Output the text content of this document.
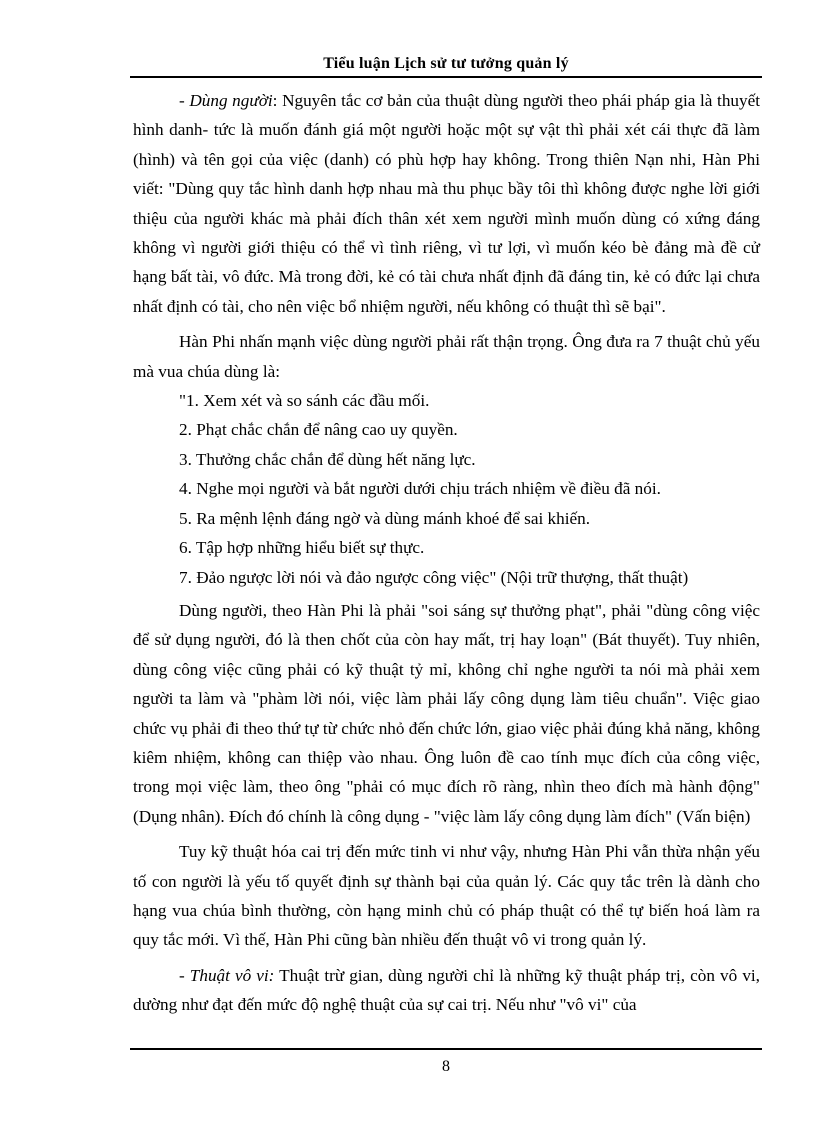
Tiểu luận Lịch sử tư tưởng quản lý

- Dùng người: Nguyên tắc cơ bản của thuật dùng người theo phái pháp gia là thuyết hình danh- tức là muốn đánh giá một người hoặc một sự vật thì phải xét cái thực đã làm (hình) và tên gọi của việc (danh) có phù hợp hay không. Trong thiên Nạn nhi, Hàn Phi viết: "Dùng quy tắc hình danh hợp nhau mà thu phục bầy tôi thì không được nghe lời giới thiệu của người khác mà phải đích thân xét xem người mình muốn dùng có xứng đáng không vì người giới thiệu có thể vì tình riêng, vì tư lợi, vì muốn kéo bè đảng mà đề cử hạng bất tài, vô đức. Mà trong đời, kẻ có tài chưa nhất định đã đáng tin, kẻ có đức lại chưa nhất định có tài, cho nên việc bổ nhiệm người, nếu không có thuật thì sẽ bại".

Hàn Phi nhấn mạnh việc dùng người phải rất thận trọng. Ông đưa ra 7 thuật chủ yếu mà vua chúa dùng là:

"1. Xem xét và so sánh các đầu mối.

2. Phạt chắc chắn để nâng cao uy quyền.

3. Thưởng chắc chắn để dùng hết năng lực.

4. Nghe mọi người và bắt người dưới chịu trách nhiệm về điều đã nói.

5. Ra mệnh lệnh đáng ngờ và dùng mánh khoé để sai khiến.

6. Tập hợp những hiểu biết sự thực.

7. Đảo ngược lời nói và đảo ngược công việc" (Nội trữ thượng, thất thuật)

Dùng người, theo Hàn Phi là phải "soi sáng sự thưởng phạt", phải "dùng công việc để sử dụng người, đó là then chốt của còn hay mất, trị hay loạn" (Bát thuyết). Tuy nhiên, dùng công việc cũng phải có kỹ thuật tỷ mỉ, không chỉ nghe người ta nói mà phải xem người ta làm và "phàm lời nói, việc làm phải lấy công dụng làm tiêu chuẩn". Việc giao chức vụ phải đi theo thứ tự từ chức nhỏ đến chức lớn, giao việc phải đúng khả năng, không kiêm nhiệm, không can thiệp vào nhau. Ông luôn đề cao tính mục đích của công việc, trong mọi việc làm, theo ông "phải có mục đích rõ ràng, nhìn theo đích mà hành động" (Dụng nhân). Đích đó chính là công dụng - "việc làm lấy công dụng làm đích" (Vấn biện)

Tuy kỹ thuật hóa cai trị đến mức tinh vi như vậy, nhưng Hàn Phi vẫn thừa nhận yếu tố con người là yếu tố quyết định sự thành bại của quản lý. Các quy tắc trên là dành cho hạng vua chúa bình thường, còn hạng minh chủ có pháp thuật có thể tự biến hoá làm ra quy tắc mới. Vì thế, Hàn Phi cũng bàn nhiều đến thuật vô vi trong quản lý.

- Thuật vô vi: Thuật trừ gian, dùng người chỉ là những kỹ thuật pháp trị, còn vô vi, dường như đạt đến mức độ nghệ thuật của sự cai trị. Nếu như "vô vi" của

8
